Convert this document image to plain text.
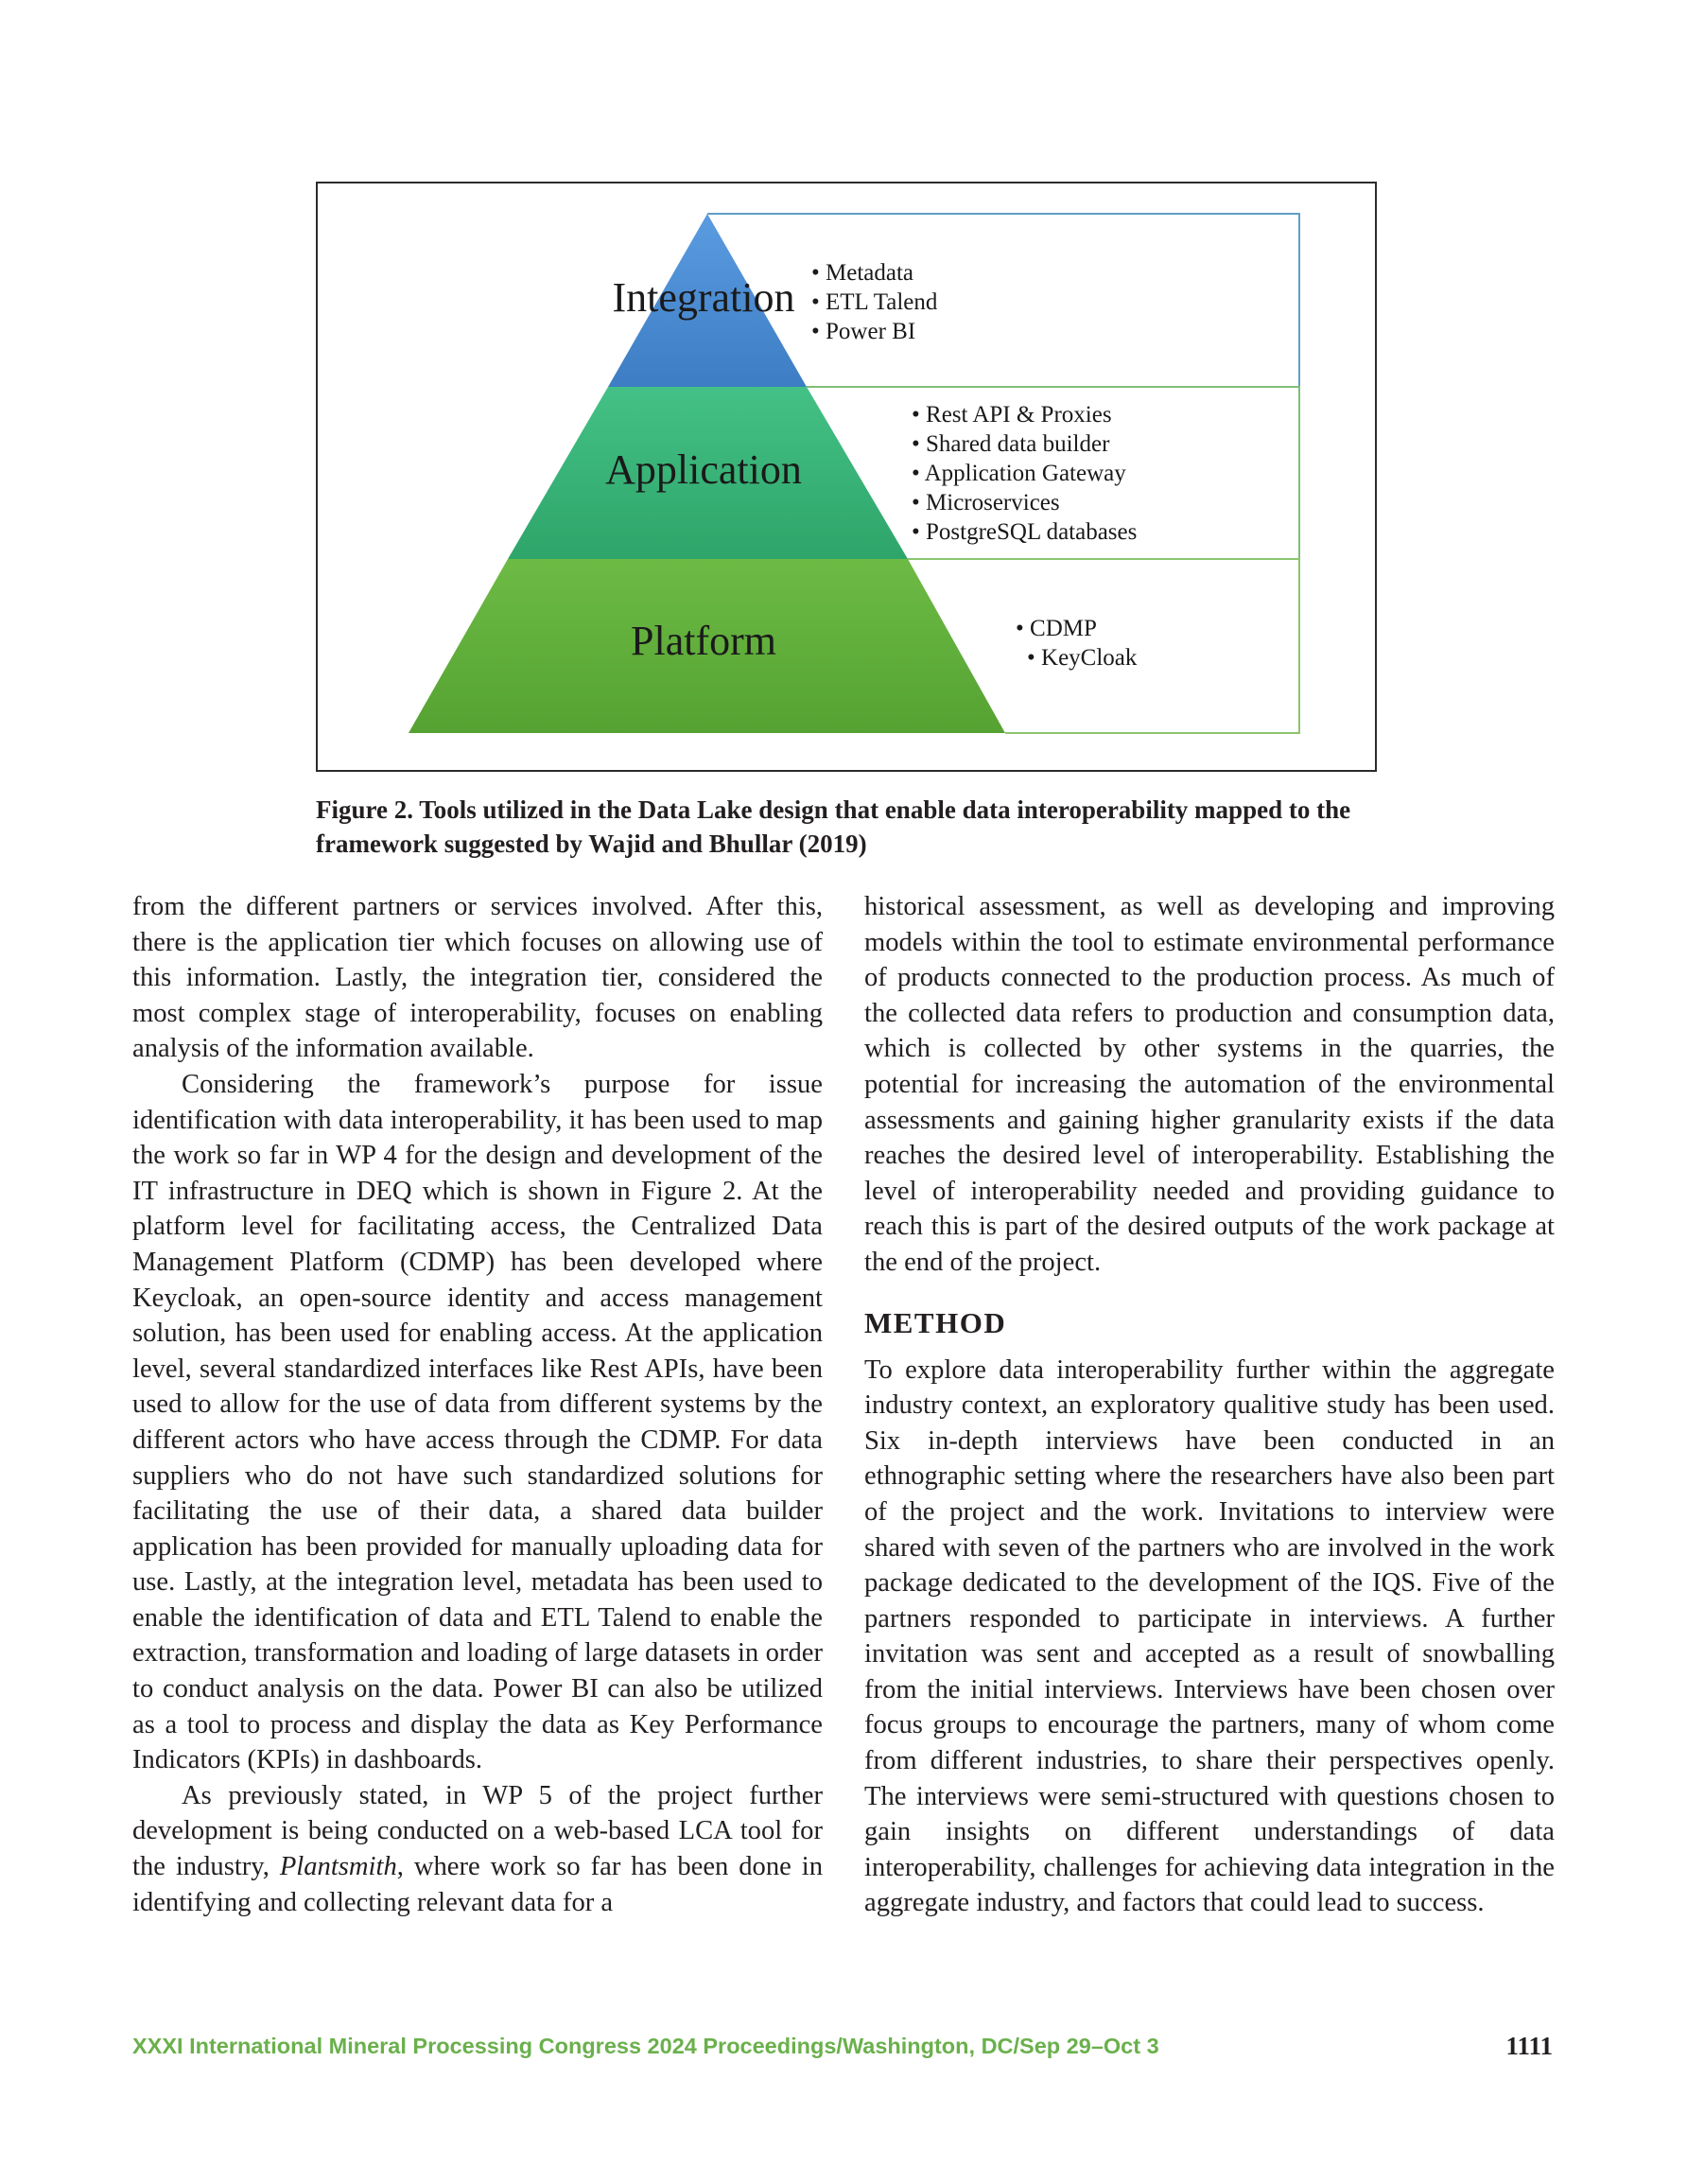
Integration
Application
Platform
• Metadata
• ETL Talend
• Power BI
• Rest API & Proxies
• Shared data builder
• Application Gateway
• Microservices
• PostgreSQL databases
• CDMP
• KeyCloak

Figure 2. Tools utilized in the Data Lake design that enable data interoperability mapped to the framework suggested by Wajid and Bhullar (2019)

from the different partners or services involved. After this, there is the application tier which focuses on allowing use of this information. Lastly, the integration tier, considered the most complex stage of interoperability, focuses on enabling analysis of the information available.

Considering the framework’s purpose for issue identification with data interoperability, it has been used to map the work so far in WP 4 for the design and development of the IT infrastructure in DEQ which is shown in Figure 2. At the platform level for facilitating access, the Centralized Data Management Platform (CDMP) has been developed where Keycloak, an open-source identity and access management solution, has been used for enabling access. At the application level, several standardized interfaces like Rest APIs, have been used to allow for the use of data from different systems by the different actors who have access through the CDMP. For data suppliers who do not have such standardized solutions for facilitating the use of their data, a shared data builder application has been provided for manually uploading data for use. Lastly, at the integration level, metadata has been used to enable the identification of data and ETL Talend to enable the extraction, transformation and loading of large datasets in order to conduct analysis on the data. Power BI can also be utilized as a tool to process and display the data as Key Performance Indicators (KPIs) in dashboards.

As previously stated, in WP 5 of the project further development is being conducted on a web-based LCA tool for the industry, Plantsmith, where work so far has been done in identifying and collecting relevant data for a

historical assessment, as well as developing and improving models within the tool to estimate environmental performance of products connected to the production process. As much of the collected data refers to production and consumption data, which is collected by other systems in the quarries, the potential for increasing the automation of the environmental assessments and gaining higher granularity exists if the data reaches the desired level of interoperability. Establishing the level of interoperability needed and providing guidance to reach this is part of the desired outputs of the work package at the end of the project.

METHOD

To explore data interoperability further within the aggregate industry context, an exploratory qualitive study has been used. Six in-depth interviews have been conducted in an ethnographic setting where the researchers have also been part of the project and the work. Invitations to interview were shared with seven of the partners who are involved in the work package dedicated to the development of the IQS. Five of the partners responded to participate in interviews. A further invitation was sent and accepted as a result of snowballing from the initial interviews. Interviews have been chosen over focus groups to encourage the partners, many of whom come from different industries, to share their perspectives openly. The interviews were semi-structured with questions chosen to gain insights on different understandings of data interoperability, challenges for achieving data integration in the aggregate industry, and factors that could lead to success.

XXXI International Mineral Processing Congress 2024 Proceedings/Washington, DC/Sep 29–Oct 3	1111
